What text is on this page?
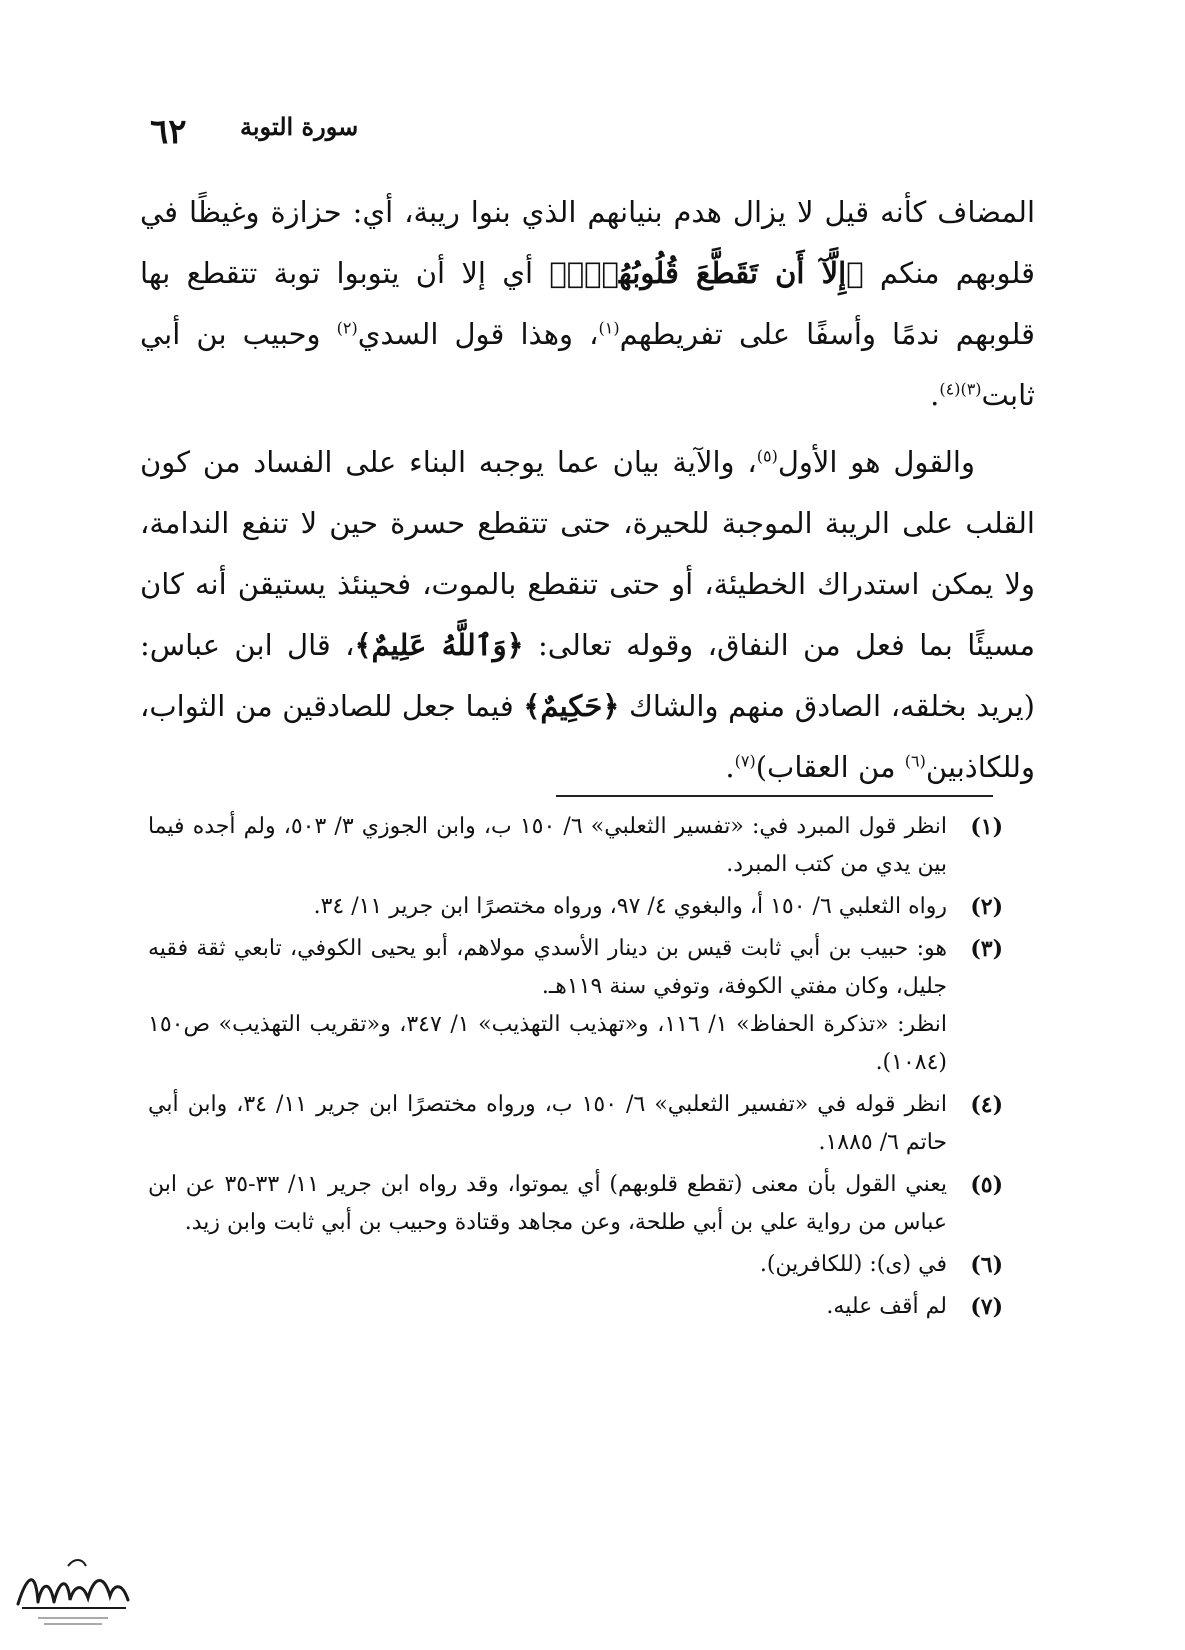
٦٢ سورة التوبة

المضاف كأنه قيل لا يزال هدم بنيانهم الذي بنوا ريبة، أي: حزازة وغيظًا في قلوبهم منكم ﴿إِلَّآ أَن تَقَطَّعَ قُلُوبُهُمۡۚ﴾ أي إلا أن يتوبوا توبة تتقطع بها قلوبهم ندمًا وأسفًا على تفريطهم$^{(١)}$، وهذا قول السدي$^{(٢)}$ وحبيب بن أبي ثابت$^{(٣)(٤)}$.

والقول هو الأول$^{(٥)}$، والآية بيان عما يوجبه البناء على الفساد من كون القلب على الريبة الموجبة للحيرة، حتى تتقطع حسرة حين لا تنفع الندامة، ولا يمكن استدراك الخطيئة، أو حتى تنقطع بالموت، فحينئذ يستيقن أنه كان مسيئًا بما فعل من النفاق، وقوله تعالى: ﴿وَٱللَّهُ عَلِيمٌ﴾، قال ابن عباس: (يريد بخلقه، الصادق منهم والشاك ﴿حَكِيمٌ﴾ فيما جعل للصادقين من الثواب، وللكاذبين$^{(٦)}$ من العقاب)$^{(٧)}$.

(١)

انظر قول المبرد في: «تفسير الثعلبي» ٦/ ١٥٠ ب، وابن الجوزي ٣/ ٥٠٣، ولم أجده فيما بين يدي من كتب المبرد.

(٢)

رواه الثعلبي ٦/ ١٥٠ أ، والبغوي ٤/ ٩٧، ورواه مختصرًا ابن جرير ١١/ ٣٤.

(٣)

هو: حبيب بن أبي ثابت قيس بن دينار الأسدي مولاهم، أبو يحيى الكوفي، تابعي ثقة فقيه جليل، وكان مفتي الكوفة، وتوفي سنة ١١٩هـ.

انظر: «تذكرة الحفاظ» ١/ ١١٦، و«تهذيب التهذيب» ١/ ٣٤٧، و«تقريب التهذيب» ص١٥٠ (١٠٨٤).

(٤)

انظر قوله في «تفسير الثعلبي» ٦/ ١٥٠ ب، ورواه مختصرًا ابن جرير ١١/ ٣٤، وابن أبي حاتم ٦/ ١٨٨٥.

(٥)

يعني القول بأن معنى (تقطع قلوبهم) أي يموتوا، وقد رواه ابن جرير ١١/ ٣٣-٣٥ عن ابن عباس من رواية علي بن أبي طلحة، وعن مجاهد وقتادة وحبيب بن أبي ثابت وابن زيد.

(٦)

في (ى): (للكافرين).

(٧)

لم أقف عليه.
